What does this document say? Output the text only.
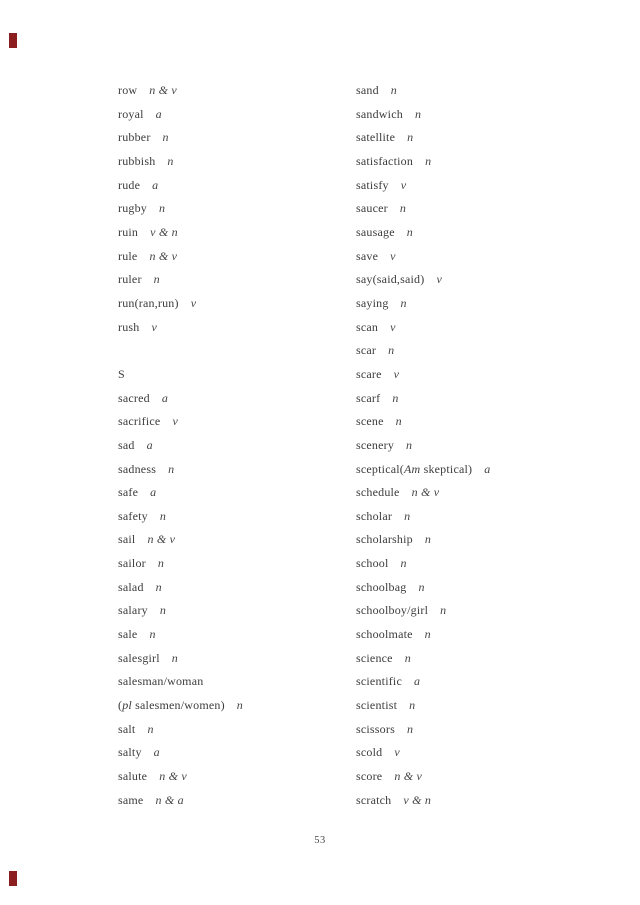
row n & v
royal a
rubber n
rubbish n
rude a
rugby n
ruin v & n
rule n & v
ruler n
run(ran,run) v
rush v
S
sacred a
sacrifice v
sad a
sadness n
safe a
safety n
sail n & v
sailor n
salad n
salary n
sale n
salesgirl n
salesman/woman
(pl salesmen/women) n
salt n
salty a
salute n & v
same n & a
sand n
sandwich n
satellite n
satisfaction n
satisfy v
saucer n
sausage n
save v
say(said,said) v
saying n
scan v
scar n
scare v
scarf n
scene n
scenery n
sceptical(Am skeptical) a
schedule n & v
scholar n
scholarship n
school n
schoolbag n
schoolboy/girl n
schoolmate n
science n
scientific a
scientist n
scissors n
scold v
score n & v
scratch v & n
53
